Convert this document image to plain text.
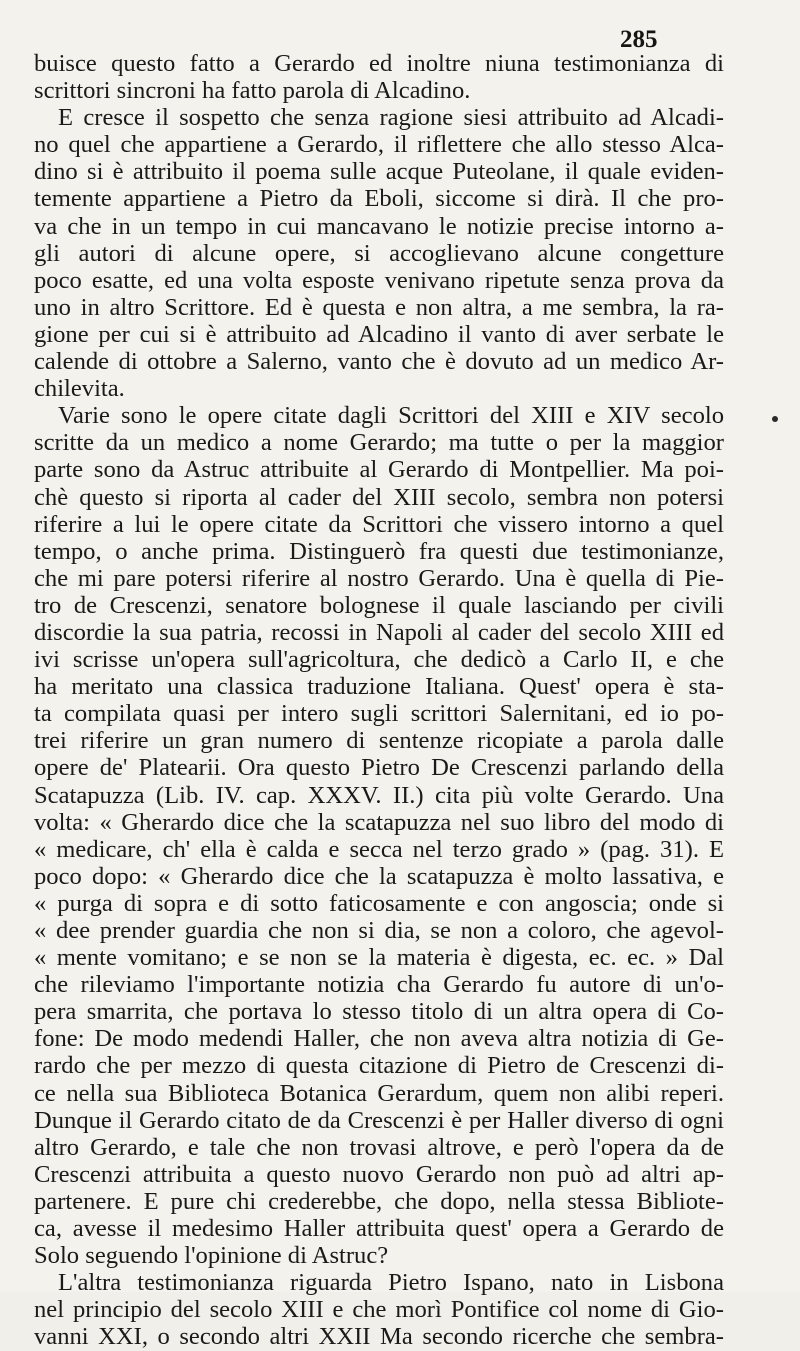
285
buisce questo fatto a Gerardo ed inoltre niuna testimonianza di
scrittori sincroni ha fatto parola di Alcadino.
E cresce il sospetto che senza ragione siesi attribuito ad Alcadi-
no quel che appartiene a Gerardo, il riflettere che allo stesso Alca-
dino si è attribuito il poema sulle acque Puteolane, il quale eviden-
temente appartiene a Pietro da Eboli, siccome si dirà. Il che pro-
va che in un tempo in cui mancavano le notizie precise intorno a-
gli autori di alcune opere, si accoglievano alcune congetture
poco esatte, ed una volta esposte venivano ripetute senza prova da
uno in altro Scrittore. Ed è questa e non altra, a me sembra, la ra-
gione per cui si è attribuito ad Alcadino il vanto di aver serbate le
calende di ottobre a Salerno, vanto che è dovuto ad un medico Ar-
chilevita.
Varie sono le opere citate dagli Scrittori del XIII e XIV secolo
scritte da un medico a nome Gerardo; ma tutte o per la maggior
parte sono da Astruc attribuite al Gerardo di Montpellier. Ma poi-
chè questo si riporta al cader del XIII secolo, sembra non potersi
riferire a lui le opere citate da Scrittori che vissero intorno a quel
tempo, o anche prima. Distinguerò fra questi due testimonianze,
che mi pare potersi riferire al nostro Gerardo. Una è quella di Pie-
tro de Crescenzi, senatore bolognese il quale lasciando per civili
discordie la sua patria, recossi in Napoli al cader del secolo XIII ed
ivi scrisse un'opera sull'agricoltura, che dedicò a Carlo II, e che
ha meritato una classica traduzione Italiana. Quest' opera è sta-
ta compilata quasi per intero sugli scrittori Salernitani, ed io po-
trei riferire un gran numero di sentenze ricopiate a parola dalle
opere de' Platearii. Ora questo Pietro De Crescenzi parlando della
Scatapuzza (Lib. IV. cap. XXXV. II.) cita più volte Gerardo. Una
volta: « Gherardo dice che la scatapuzza nel suo libro del modo di
« medicare, ch' ella è calda e secca nel terzo grado » (pag. 31). E
poco dopo: « Gherardo dice che la scatapuzza è molto lassativa, e
« purga di sopra e di sotto faticosamente e con angoscia; onde si
« dee prender guardia che non si dia, se non a coloro, che agevol-
« mente vomitano; e se non se la materia è digesta, ec. ec. » Dal
che rileviamo l'importante notizia cha Gerardo fu autore di un'o-
pera smarrita, che portava lo stesso titolo di un altra opera di Co-
fone: De modo medendi Haller, che non aveva altra notizia di Ge-
rardo che per mezzo di questa citazione di Pietro de Crescenzi di-
ce nella sua Biblioteca Botanica Gerardum, quem non alibi reperi.
Dunque il Gerardo citato de da Crescenzi è per Haller diverso di ogni
altro Gerardo, e tale che non trovasi altrove, e però l'opera da de
Crescenzi attribuita a questo nuovo Gerardo non può ad altri ap-
partenere. E pure chi crederebbe, che dopo, nella stessa Bibliote-
ca, avesse il medesimo Haller attribuita quest' opera a Gerardo de
Solo seguendo l'opinione di Astruc?
L'altra testimonianza riguarda Pietro Ispano, nato in Lisbona
nel principio del secolo XIII e che morì Pontifice col nome di Gio-
vanni XXI, o secondo altri XXII Ma secondo ricerche che sembra-
